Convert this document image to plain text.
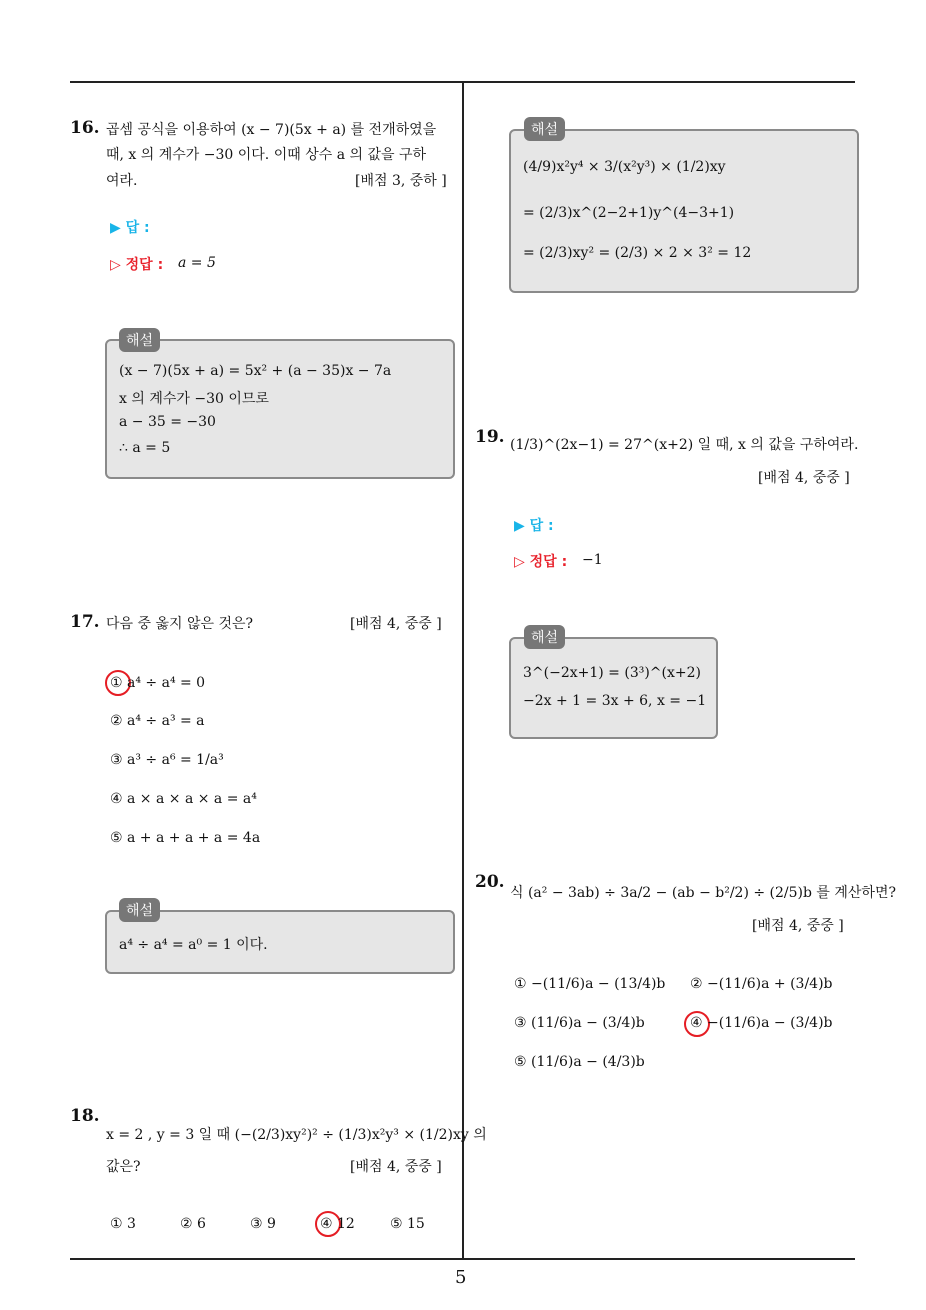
16. 곱셈 공식을 이용하여 (x − 7)(5x + a) 를 전개하였을
때, x 의 계수가 −30 이다. 이때 상수 a 의 값을 구하
여라.	[배점 3, 중하 ]
▶ 답 :
▷ 정답 : a = 5
(x − 7)(5x + a) = 5x² + (a − 35)x − 7a
x 의 계수가 −30 이므로
a − 35 = −30
∴ a = 5
해설
17. 다음 중 옳지 않은 것은?	[배점 4, 중중 ]
① a⁴ ÷ a⁴ = 0
② a⁴ ÷ a³ = a
③ a³ ÷ a⁶ = 1/a³
④ a × a × a × a = a⁴
⑤ a + a + a + a = 4a
a⁴ ÷ a⁴ = a⁰ = 1 이다.
해설
18.
x = 2 , y = 3 일 때 (−(2/3)xy²)² ÷ (1/3)x²y³ × (1/2)xy 의
값은?	[배점 4, 중중 ]
① 3	② 6	③ 9	④ 12	⑤ 15
(4/9)x²y⁴ × 3/(x²y³) × (1/2)xy
= (2/3)x^(2−2+1)y^(4−3+1)
= (2/3)xy² = (2/3) × 2 × 3² = 12
해설
19. (1/3)^(2x−1) = 27^(x+2) 일 때, x 의 값을 구하여라.
[배점 4, 중중 ]
▶ 답 :
▷ 정답 : −1
3^(−2x+1) = (3³)^(x+2)
−2x + 1 = 3x + 6, x = −1
해설
20.
식 (a² − 3ab) ÷ 3a/2 − (ab − b²/2) ÷ (2/5)b 를 계산하면?
[배점 4, 중중 ]
① −(11/6)a − (13/4)b ② −(11/6)a + (3/4)b
③ (11/6)a − (3/4)b	④ −(11/6)a − (3/4)b
⑤ (11/6)a − (4/3)b
5
